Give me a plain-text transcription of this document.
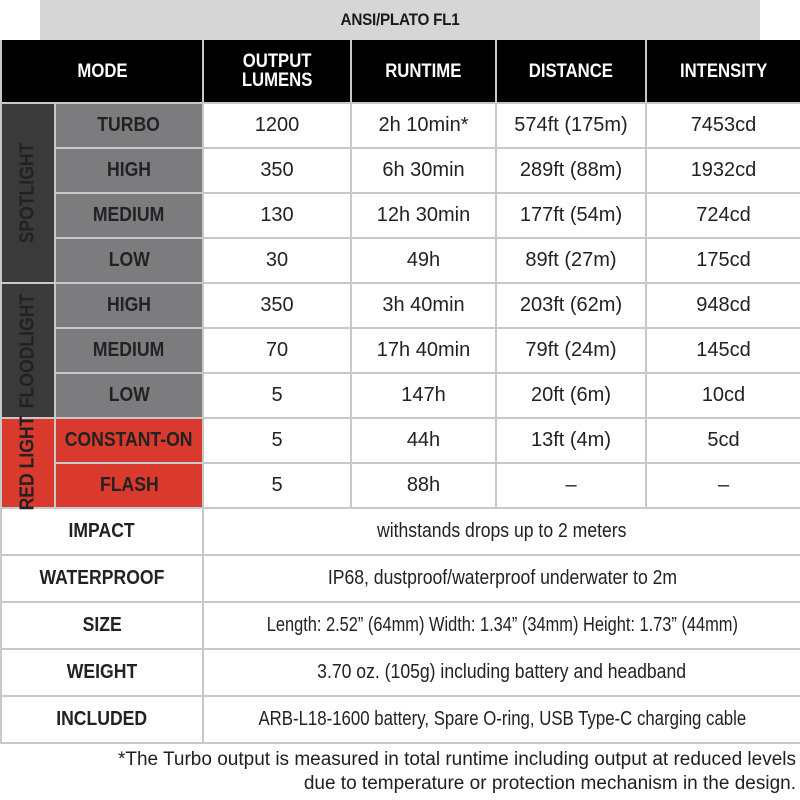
ANSI/PLATO FL1
MODE		OUTPUT
LUMENS	RUNTIME	DISTANCE	INTENSITY

SPOTLIGHT	TURBO	1200	2h 10min*	574ft (175m)	7453cd
	HIGH	350	6h 30min	289ft (88m)	1932cd
	MEDIUM	130	12h 30min	177ft (54m)	724cd
	LOW	30	49h	89ft (27m)	175cd

FLOODLIGHT	HIGH	350	3h 40min	203ft (62m)	948cd
	MEDIUM	70	17h 40min	79ft (24m)	145cd
	LOW	5	147h	20ft (6m)	10cd

RED LIGHT	CONSTANT-ON	5	44h	13ft (4m)	5cd
	FLASH	5	88h	–	–
IMPACT		withstands drops up to 2 meters			
WATERPROOF		IP68, dustproof/waterproof underwater to 2m			
SIZE		Length: 2.52” (64mm) Width: 1.34” (34mm) Height: 1.73” (44mm)			
WEIGHT		3.70 oz. (105g) including battery and headband			
INCLUDED		ARB-L18-1600 battery, Spare O-ring, USB Type-C charging cable			
*The Turbo output is measured in total runtime including output at reduced levels
due to temperature or protection mechanism in the design.
